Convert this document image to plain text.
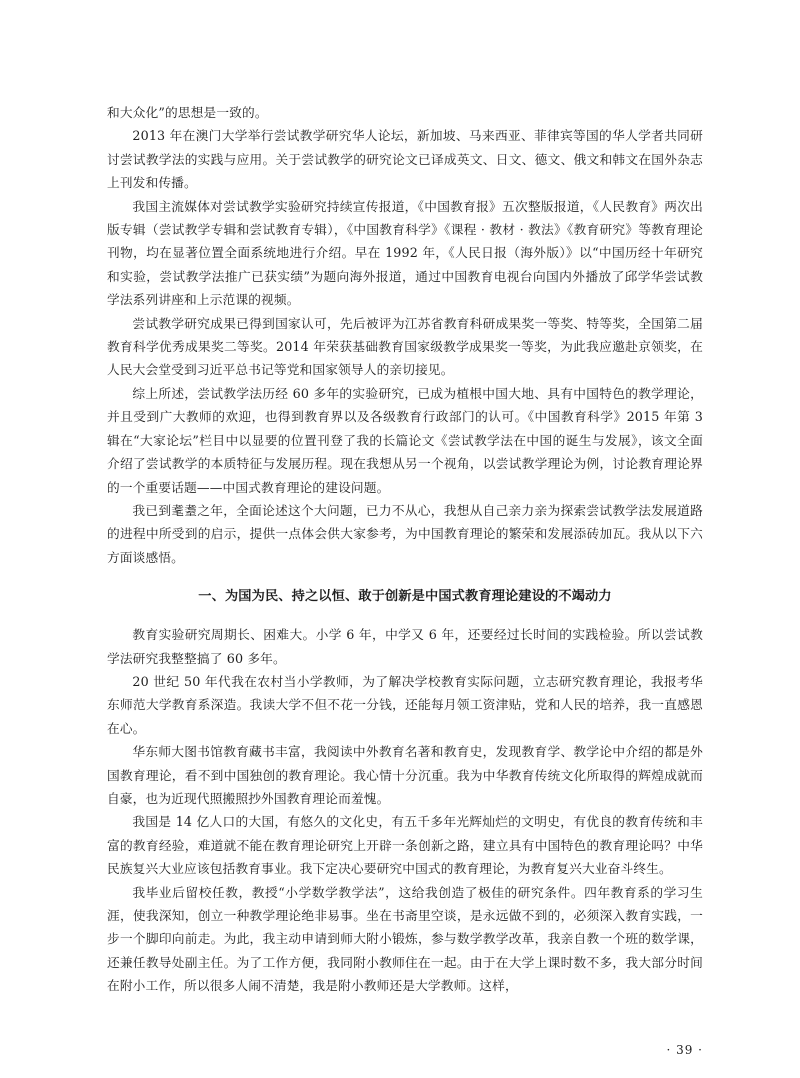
和大众化”的思想是一致的。

2013 年在澳门大学举行尝试教学研究华人论坛，新加坡、马来西亚、菲律宾等国的华人学者共同研讨尝试教学法的实践与应用。关于尝试教学的研究论文已译成英文、日文、德文、俄文和韩文在国外杂志上刊发和传播。

我国主流媒体对尝试教学实验研究持续宣传报道，《中国教育报》五次整版报道，《人民教育》两次出版专辑（尝试教学专辑和尝试教育专辑），《中国教育科学》《课程 · 教材 · 教法》《教育研究》等教育理论刊物，均在显著位置全面系统地进行介绍。早在 1992 年，《人民日报（海外版）》以“中国历经十年研究和实验，尝试教学法推广已获实绩”为题向海外报道，通过中国教育电视台向国内外播放了邱学华尝试教学法系列讲座和上示范课的视频。

尝试教学研究成果已得到国家认可，先后被评为江苏省教育科研成果奖一等奖、特等奖，全国第二届教育科学优秀成果奖二等奖。2014 年荣获基础教育国家级教学成果奖一等奖，为此我应邀赴京领奖，在人民大会堂受到习近平总书记等党和国家领导人的亲切接见。

综上所述，尝试教学法历经 60 多年的实验研究，已成为植根中国大地、具有中国特色的教学理论，并且受到广大教师的欢迎，也得到教育界以及各级教育行政部门的认可。《中国教育科学》2015 年第 3 辑在“大家论坛”栏目中以显要的位置刊登了我的长篇论文《尝试教学法在中国的诞生与发展》，该文全面介绍了尝试教学的本质特征与发展历程。现在我想从另一个视角，以尝试教学理论为例，讨论教育理论界的一个重要话题——中国式教育理论的建设问题。

我已到耄耋之年，全面论述这个大问题，已力不从心，我想从自己亲力亲为探索尝试教学法发展道路的进程中所受到的启示，提供一点体会供大家参考，为中国教育理论的繁荣和发展添砖加瓦。我从以下六方面谈感悟。

一、为国为民、持之以恒、敢于创新是中国式教育理论建设的不竭动力

教育实验研究周期长、困难大。小学 6 年，中学又 6 年，还要经过长时间的实践检验。所以尝试教学法研究我整整搞了 60 多年。

20 世纪 50 年代我在农村当小学教师，为了解决学校教育实际问题，立志研究教育理论，我报考华东师范大学教育系深造。我读大学不但不花一分钱，还能每月领工资津贴，党和人民的培养，我一直感恩在心。

华东师大图书馆教育藏书丰富，我阅读中外教育名著和教育史，发现教育学、教学论中介绍的都是外国教育理论，看不到中国独创的教育理论。我心情十分沉重。我为中华教育传统文化所取得的辉煌成就而自豪，也为近现代照搬照抄外国教育理论而羞愧。

我国是 14 亿人口的大国，有悠久的文化史，有五千多年光辉灿烂的文明史，有优良的教育传统和丰富的教育经验，难道就不能在教育理论研究上开辟一条创新之路，建立具有中国特色的教育理论吗？中华民族复兴大业应该包括教育事业。我下定决心要研究中国式的教育理论，为教育复兴大业奋斗终生。

我毕业后留校任教，教授“小学数学教学法”，这给我创造了极佳的研究条件。四年教育系的学习生涯，使我深知，创立一种教学理论绝非易事。坐在书斋里空谈，是永远做不到的，必须深入教育实践，一步一个脚印向前走。为此，我主动申请到师大附小锻炼，参与数学教学改革，我亲自教一个班的数学课，还兼任教导处副主任。为了工作方便，我同附小教师住在一起。由于在大学上课时数不多，我大部分时间在附小工作，所以很多人闹不清楚，我是附小教师还是大学教师。这样，

· 39 ·
